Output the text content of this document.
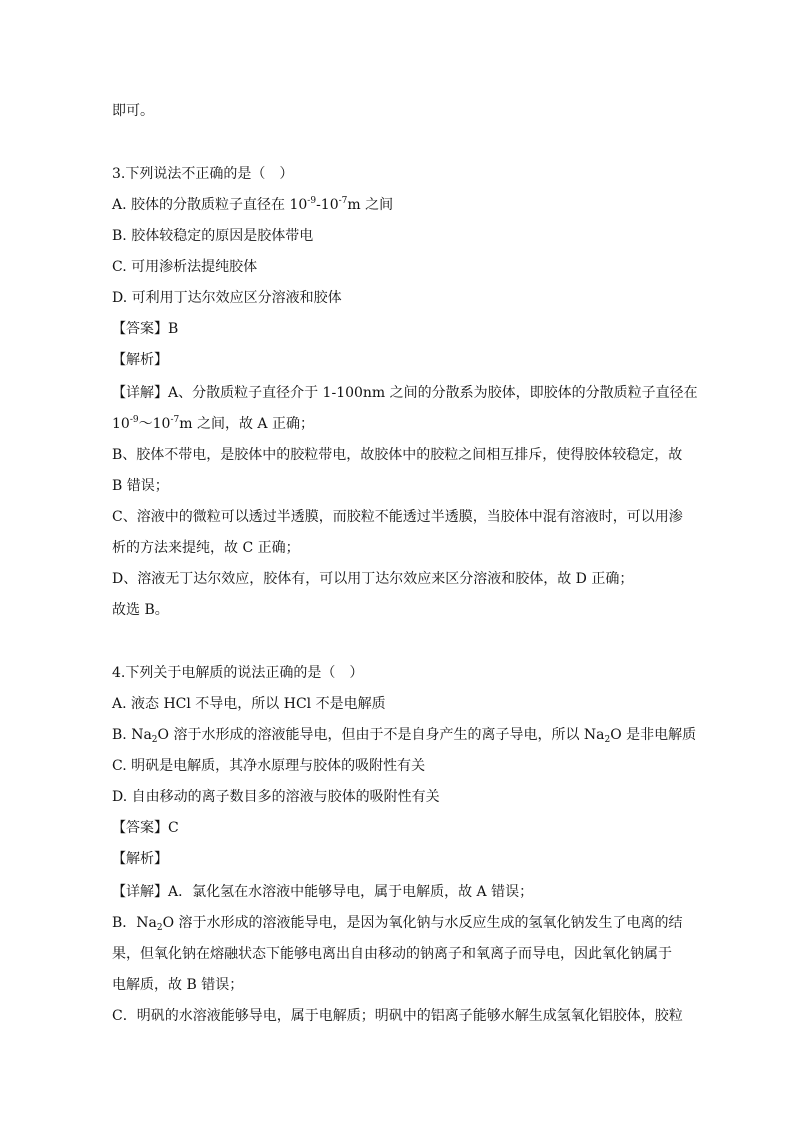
即可。
3.下列说法不正确的是（　）
A. 胶体的分散质粒子直径在 $10^{-9}-10^{-7}m$ 之间
B. 胶体较稳定的原因是胶体带电
C. 可用渗析法提纯胶体
D. 可利用丁达尔效应区分溶液和胶体
【答案】B
【解析】
【详解】A、分散质粒子直径介于 1-100nm 之间的分散系为胶体，即胶体的分散质粒子直径在
$10^{-9}\sim 10^{-7}m$ 之间，故 A 正确；
B、胶体不带电，是胶体中的胶粒带电，故胶体中的胶粒之间相互排斥，使得胶体较稳定，故
B 错误；
C、溶液中的微粒可以透过半透膜，而胶粒不能透过半透膜，当胶体中混有溶液时，可以用渗
析的方法来提纯，故 C 正确；
D、溶液无丁达尔效应，胶体有，可以用丁达尔效应来区分溶液和胶体，故 D 正确；
故选 B。
4.下列关于电解质的说法正确的是（　）
A. 液态 HCl 不导电，所以 HCl 不是电解质
B. $Na_2O$ 溶于水形成的溶液能导电，但由于不是自身产生的离子导电，所以 $Na_2O$ 是非电解质
C. 明矾是电解质，其净水原理与胶体的吸附性有关
D. 自由移动的离子数目多的溶液与胶体的吸附性有关
【答案】C
【解析】
【详解】A．氯化氢在水溶液中能够导电，属于电解质，故 A 错误；
B．$Na_2O$ 溶于水形成的溶液能导电，是因为氧化钠与水反应生成的氢氧化钠发生了电离的结
果，但氧化钠在熔融状态下能够电离出自由移动的钠离子和氧离子而导电，因此氧化钠属于
电解质，故 B 错误；
C．明矾的水溶液能够导电，属于电解质；明矾中的铝离子能够水解生成氢氧化铝胶体，胶粒
